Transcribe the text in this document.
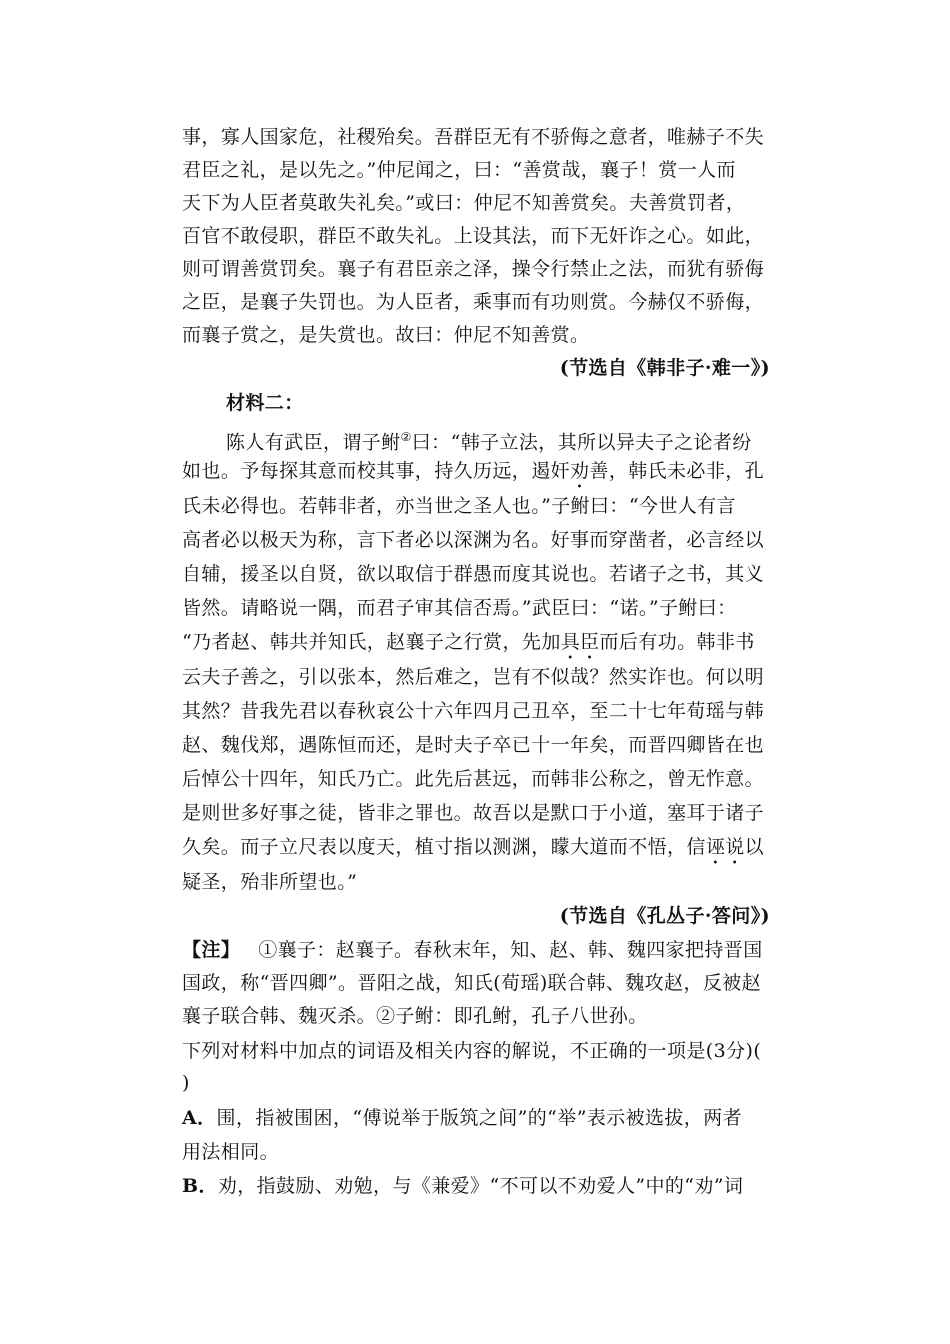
事，寡人国家危，社稷殆矣。吾群臣无有不骄侮之意者，唯赫子不失
君臣之礼，是以先之。”仲尼闻之，曰：“善赏哉，襄子！赏一人而
天下为人臣者莫敢失礼矣。”或曰：仲尼不知善赏矣。夫善赏罚者，
百官不敢侵职，群臣不敢失礼。上设其法，而下无奸诈之心。如此，
则可谓善赏罚矣。襄子有君臣亲之泽，操令行禁止之法，而犹有骄侮
之臣，是襄子失罚也。为人臣者，乘事而有功则赏。今赫仅不骄侮，
而襄子赏之，是失赏也。故曰：仲尼不知善赏。
(节选自《韩非子·难一》)
材料二：
陈人有武臣，谓子鲋②曰：“韩子立法，其所以异夫子之论者纷
如也。予每探其意而校其事，持久历远，遏奸劝善，韩氏未必非，孔
氏未必得也。若韩非者，亦当世之圣人也。”子鲋曰：“今世人有言
高者必以极天为称，言下者必以深渊为名。好事而穿凿者，必言经以
自辅，援圣以自贤，欲以取信于群愚而度其说也。若诸子之书，其义
皆然。请略说一隅，而君子审其信否焉。”武臣曰：“诺。”子鲋曰：
“乃者赵、韩共并知氏，赵襄子之行赏，先加具臣而后有功。韩非书
云夫子善之，引以张本，然后难之，岂有不似哉？然实诈也。何以明
其然？昔我先君以春秋哀公十六年四月己丑卒，至二十七年荀瑶与韩
赵、魏伐郑，遇陈恒而还，是时夫子卒已十一年矣，而晋四卿皆在也
后悼公十四年，知氏乃亡。此先后甚远，而韩非公称之，曾无怍意。
是则世多好事之徒，皆非之罪也。故吾以是默口于小道，塞耳于诸子
久矣。而子立尺表以度天，植寸指以测渊，矇大道而不悟，信诬说以
疑圣，殆非所望也。”
(节选自《孔丛子·答问》)
【注】 ①襄子：赵襄子。春秋末年，知、赵、韩、魏四家把持晋国
国政，称“晋四卿”。晋阳之战，知氏(荀瑶)联合韩、魏攻赵，反被赵
襄子联合韩、魏灭杀。②子鲋：即孔鲋，孔子八世孙。
下列对材料中加点的词语及相关内容的解说，不正确的一项是(3分)(
)
A．围，指被围困，“傅说举于版筑之间”的“举”表示被选拔，两者
用法相同。
B．劝，指鼓励、劝勉，与《兼爱》“不可以不劝爱人”中的“劝”词
